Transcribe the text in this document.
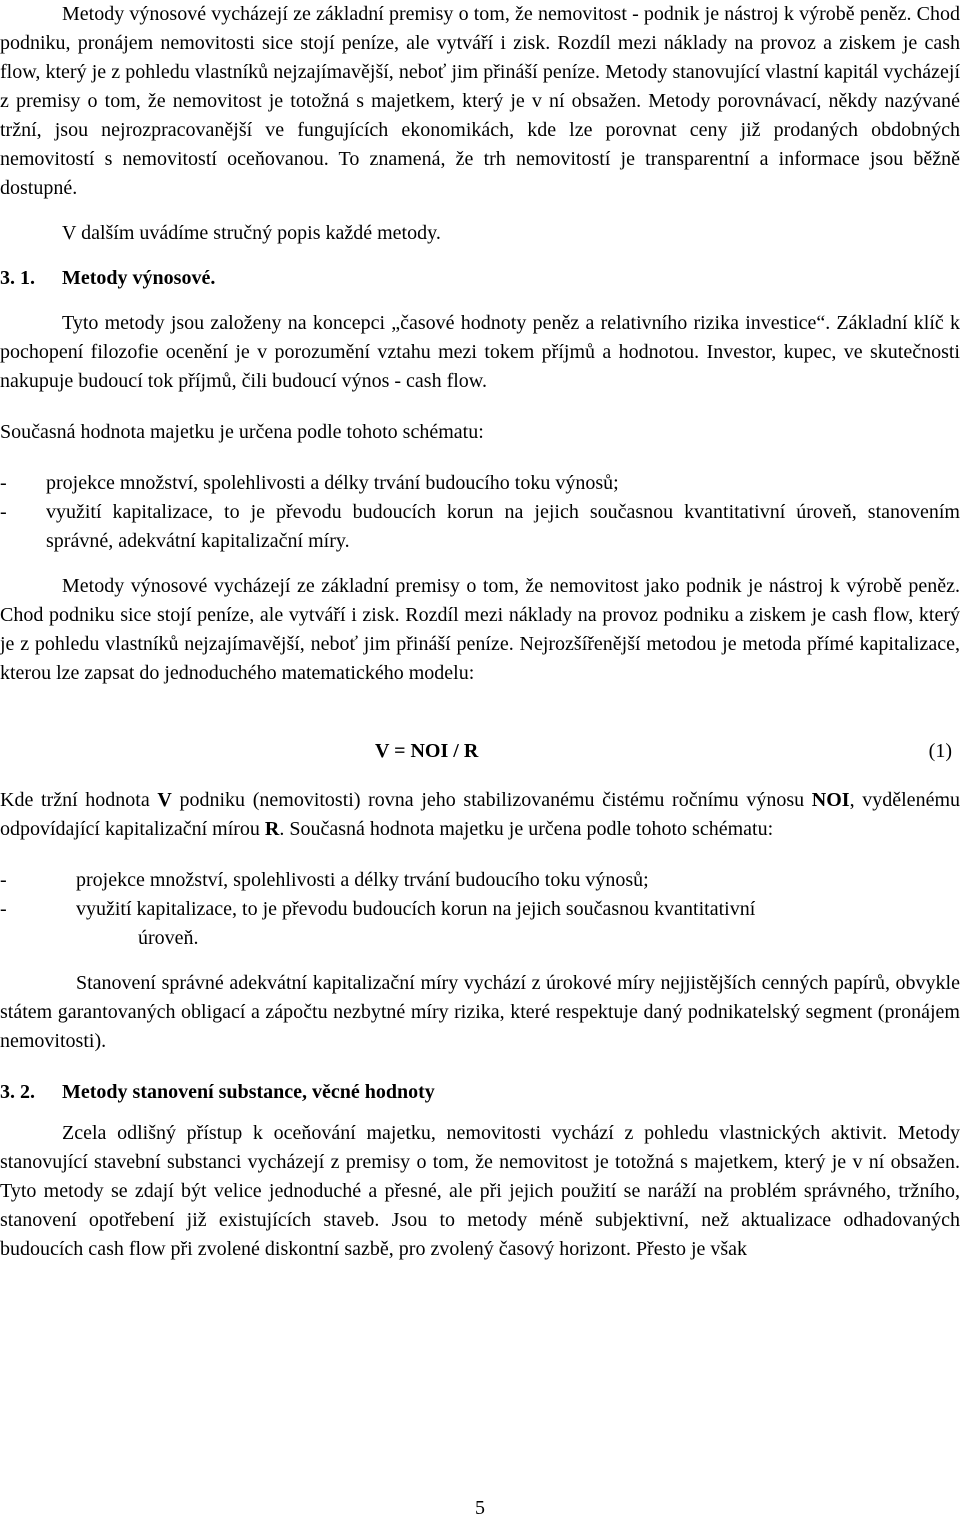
Metody výnosové vycházejí ze základní premisy o tom, že nemovitost - podnik je nástroj k výrobě peněz. Chod podniku, pronájem nemovitosti sice stojí peníze, ale vytváří i zisk. Rozdíl mezi náklady na provoz a ziskem je cash flow, který je z pohledu vlastníků nejzajímavější, neboť jim přináší peníze. Metody stanovující vlastní kapitál vycházejí z premisy o tom, že nemovitost je totožná s majetkem, který je v ní obsažen. Metody porovnávací, někdy nazývané tržní, jsou nejrozpracovanější ve fungujících ekonomikách, kde lze porovnat ceny již prodaných obdobných nemovitostí s nemovitostí oceňovanou. To znamená, že trh nemovitostí je transparentní a informace jsou běžně dostupné.

V dalším uvádíme stručný popis každé metody.

3. 1. Metody výnosové.

Tyto metody jsou založeny na koncepci „časové hodnoty peněz a relativního rizika investice“. Základní klíč k pochopení filozofie ocenění je v porozumění vztahu mezi tokem příjmů a hodnotou. Investor, kupec, ve skutečnosti nakupuje budoucí tok příjmů, čili budoucí výnos - cash flow.

Současná hodnota majetku je určena podle tohoto schématu:

- projekce množství, spolehlivosti a délky trvání budoucího toku výnosů;
- využití kapitalizace, to je převodu budoucích korun na jejich současnou kvantitativní úroveň, stanovením správné, adekvátní kapitalizační míry.

Metody výnosové vycházejí ze základní premisy o tom, že nemovitost jako podnik je nástroj k výrobě peněz. Chod podniku sice stojí peníze, ale vytváří i zisk. Rozdíl mezi náklady na provoz podniku a ziskem je cash flow, který je z pohledu vlastníků nejzajímavější, neboť jim přináší peníze. Nejrozšířenější metodou je metoda přímé kapitalizace, kterou lze zapsat do jednoduchého matematického modelu:

V = NOI / R	(1)

Kde tržní hodnota V podniku (nemovitosti) rovna jeho stabilizovanému čistému ročnímu výnosu NOI, vydělenému odpovídající kapitalizační mírou R. Současná hodnota majetku je určena podle tohoto schématu:

-	projekce množství, spolehlivosti a délky trvání budoucího toku výnosů;
-	využití kapitalizace, to je převodu budoucích korun na jejich současnou kvantitativní
úroveň.

Stanovení správné adekvátní kapitalizační míry vychází z úrokové míry nejjistějších cenných papírů, obvykle státem garantovaných obligací a zápočtu nezbytné míry rizika, které respektuje daný podnikatelský segment (pronájem nemovitosti).

3. 2. Metody stanovení substance, věcné hodnoty

Zcela odlišný přístup k oceňování majetku, nemovitosti vychází z pohledu vlastnických aktivit. Metody stanovující stavební substanci vycházejí z premisy o tom, že nemovitost je totožná s majetkem, který je v ní obsažen. Tyto metody se zdají být velice jednoduché a přesné, ale při jejich použití se naráží na problém správného, tržního, stanovení opotřebení již existujících staveb. Jsou to metody méně subjektivní, než aktualizace odhadovaných budoucích cash flow při zvolené diskontní sazbě, pro zvolený časový horizont. Přesto je však

5
